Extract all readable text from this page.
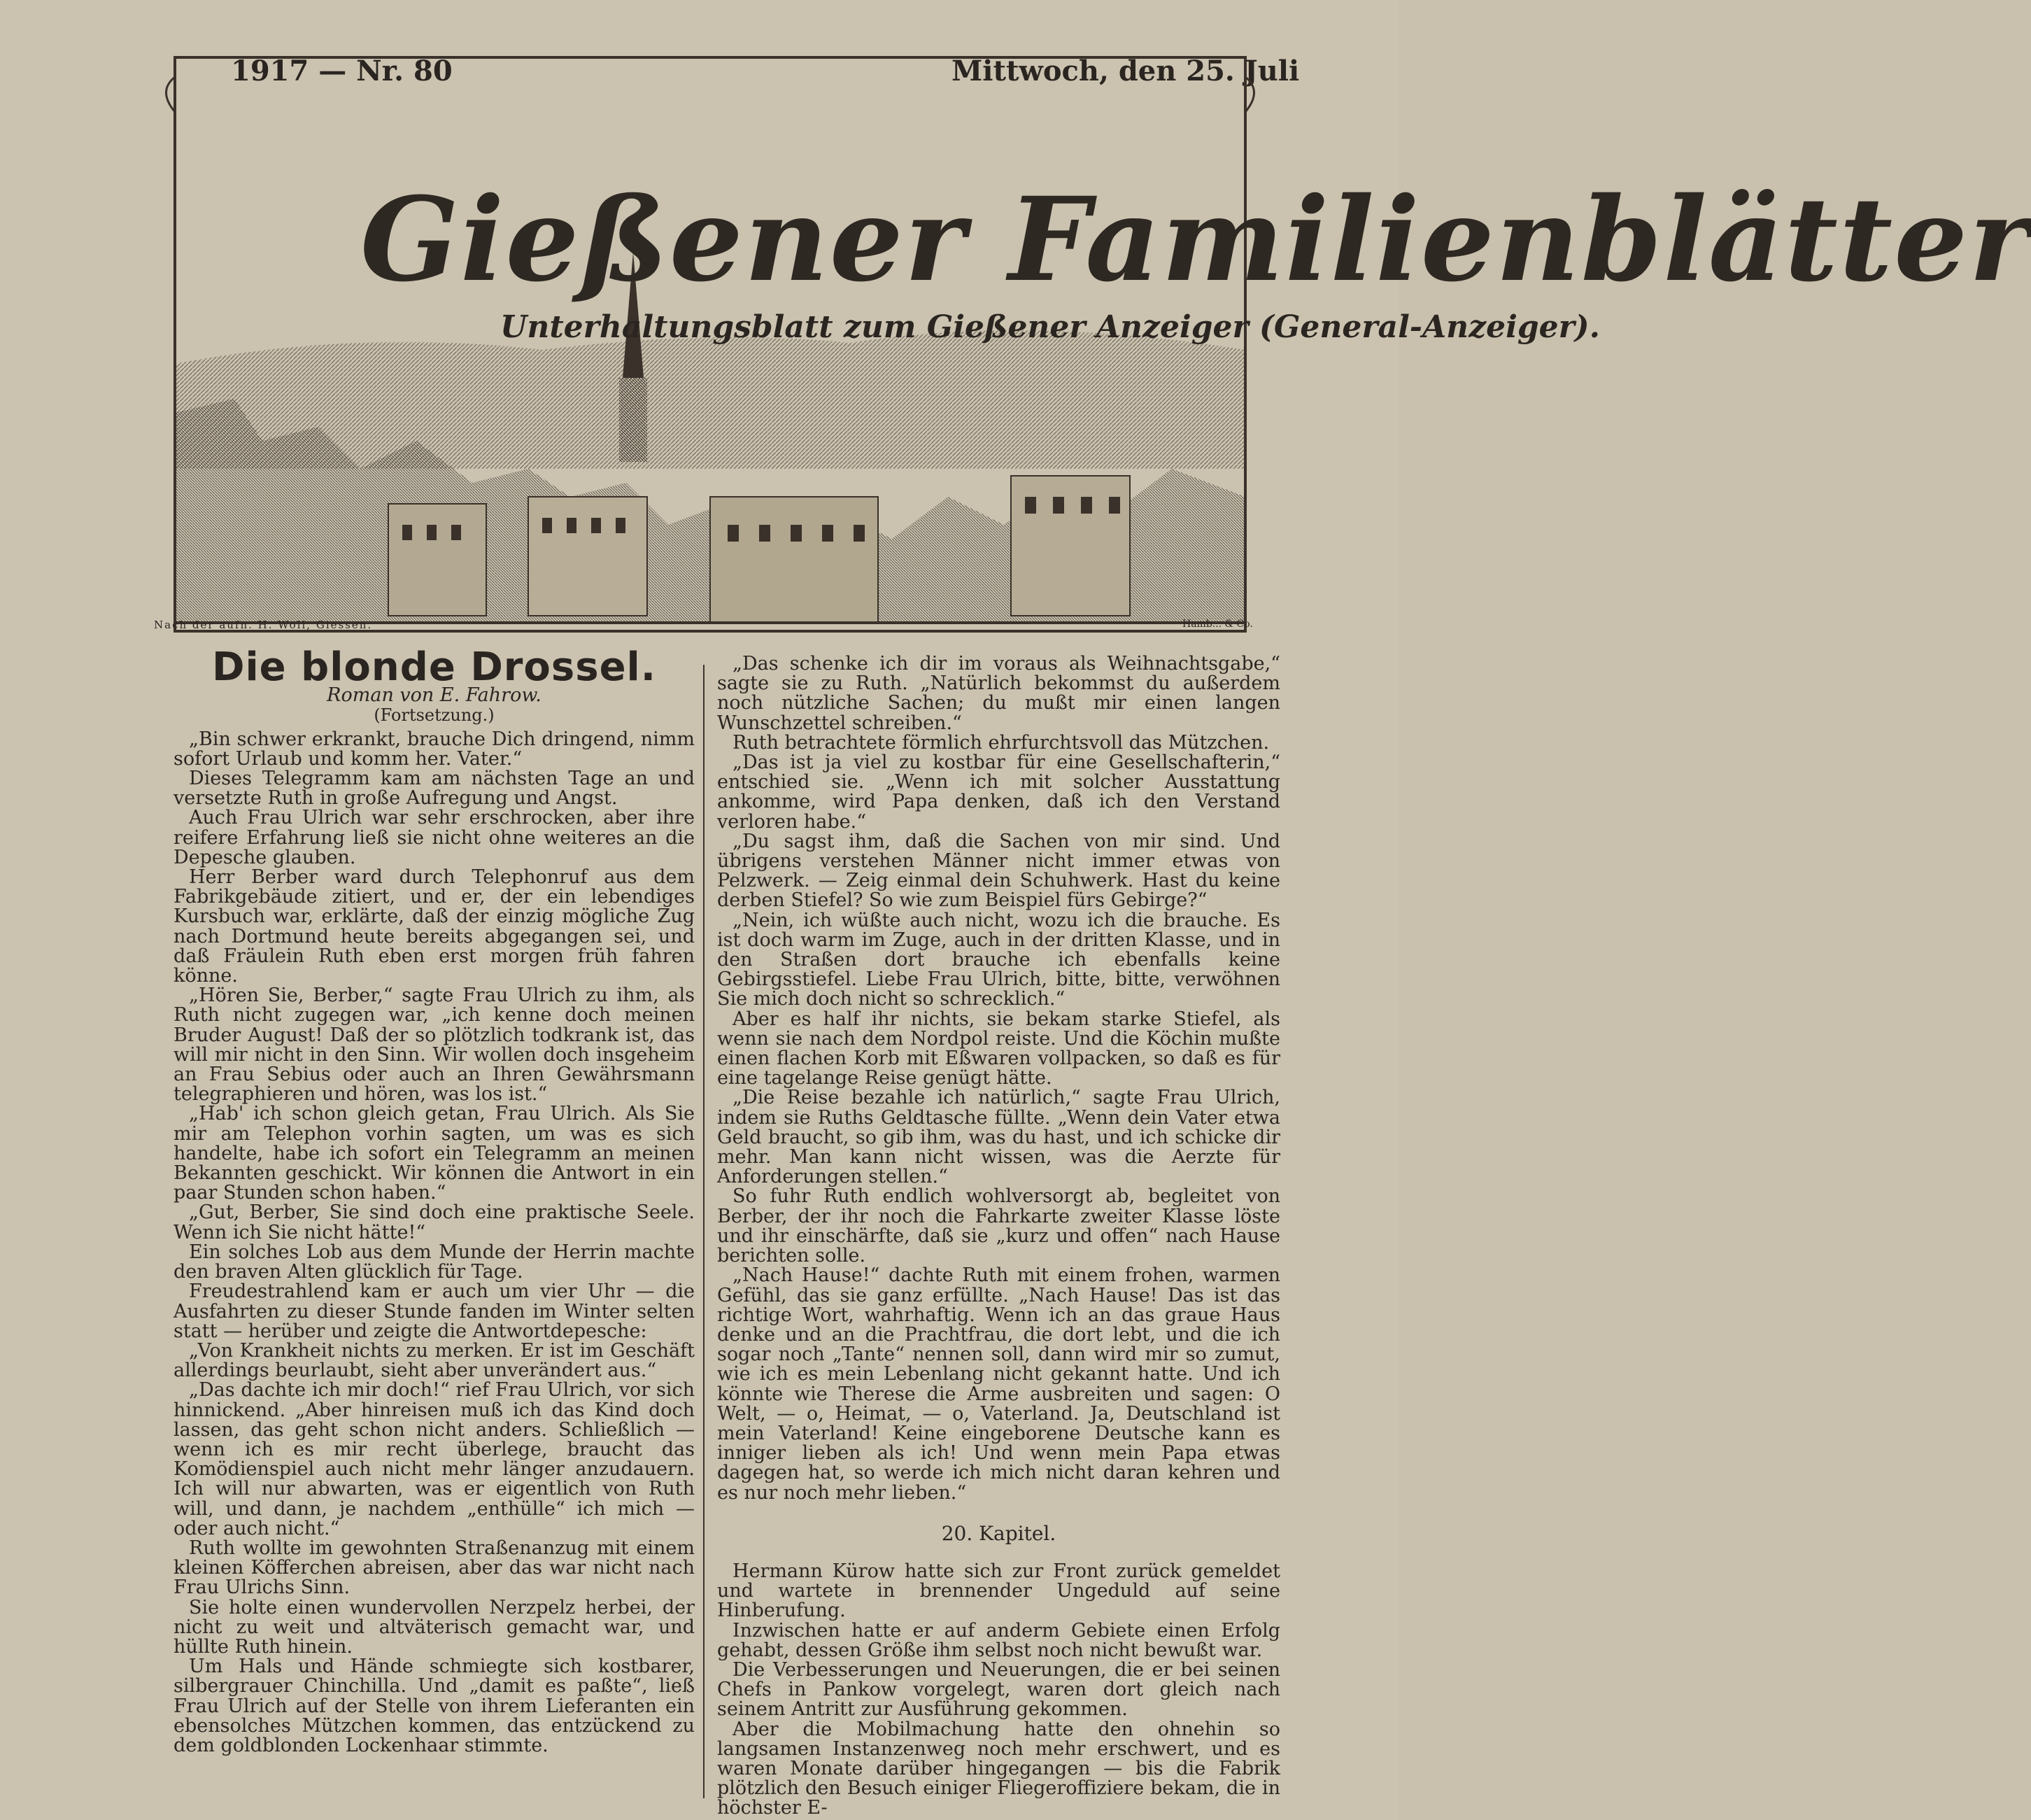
1917 — Nr. 80	Mittwoch, den 25. Juli
Gießener Familienblätter
Unterhaltungsblatt zum Gießener Anzeiger (General-Anzeiger).
Nach der aufn. H. Woll, Giessen.	Hamb... & Co.
Die blonde Drossel.
Roman von E. Fahrow.
(Fortsetzung.)

„Bin schwer erkrankt, brauche Dich dringend, nimm sofort Urlaub und komm her. Vater.“

Dieses Telegramm kam am nächsten Tage an und versetzte Ruth in große Aufregung und Angst.

Auch Frau Ulrich war sehr erschrocken, aber ihre reifere Erfahrung ließ sie nicht ohne weiteres an die Depesche glauben.

Herr Berber ward durch Telephonruf aus dem Fabrikgebäude zitiert, und er, der ein lebendiges Kursbuch war, erklärte, daß der einzig mögliche Zug nach Dortmund heute bereits abgegangen sei, und daß Fräulein Ruth eben erst morgen früh fahren könne.

„Hören Sie, Berber,“ sagte Frau Ulrich zu ihm, als Ruth nicht zugegen war, „ich kenne doch meinen Bruder August! Daß der so plötzlich todkrank ist, das will mir nicht in den Sinn. Wir wollen doch insgeheim an Frau Sebius oder auch an Ihren Gewährsmann telegraphieren und hören, was los ist.“

„Hab' ich schon gleich getan, Frau Ulrich. Als Sie mir am Telephon vorhin sagten, um was es sich handelte, habe ich sofort ein Telegramm an meinen Bekannten geschickt. Wir können die Antwort in ein paar Stunden schon haben.“

„Gut, Berber, Sie sind doch eine praktische Seele. Wenn ich Sie nicht hätte!“

Ein solches Lob aus dem Munde der Herrin machte den braven Alten glücklich für Tage.

Freudestrahlend kam er auch um vier Uhr — die Ausfahrten zu dieser Stunde fanden im Winter selten statt — herüber und zeigte die Antwortdepesche:

„Von Krankheit nichts zu merken. Er ist im Geschäft allerdings beurlaubt, sieht aber unverändert aus.“

„Das dachte ich mir doch!“ rief Frau Ulrich, vor sich hinnickend. „Aber hinreisen muß ich das Kind doch lassen, das geht schon nicht anders. Schließlich — wenn ich es mir recht überlege, braucht das Komödienspiel auch nicht mehr länger anzudauern. Ich will nur abwarten, was er eigentlich von Ruth will, und dann, je nachdem „enthülle“ ich mich — oder auch nicht.“

Ruth wollte im gewohnten Straßenanzug mit einem kleinen Köfferchen abreisen, aber das war nicht nach Frau Ulrichs Sinn.

Sie holte einen wundervollen Nerzpelz herbei, der nicht zu weit und altväterisch gemacht war, und hüllte Ruth hinein.

Um Hals und Hände schmiegte sich kostbarer, silbergrauer Chinchilla. Und „damit es paßte“, ließ Frau Ulrich auf der Stelle von ihrem Lieferanten ein ebensolches Mützchen kommen, das entzückend zu dem goldblonden Lockenhaar stimmte.

„Das schenke ich dir im voraus als Weihnachtsgabe,“ sagte sie zu Ruth. „Natürlich bekommst du außerdem noch nützliche Sachen; du mußt mir einen langen Wunschzettel schreiben.“

Ruth betrachtete förmlich ehrfurchtsvoll das Mützchen.

„Das ist ja viel zu kostbar für eine Gesellschafterin,“ entschied sie. „Wenn ich mit solcher Ausstattung ankomme, wird Papa denken, daß ich den Verstand verloren habe.“

„Du sagst ihm, daß die Sachen von mir sind. Und übrigens verstehen Männer nicht immer etwas von Pelzwerk. — Zeig einmal dein Schuhwerk. Hast du keine derben Stiefel? So wie zum Beispiel fürs Gebirge?“

„Nein, ich wüßte auch nicht, wozu ich die brauche. Es ist doch warm im Zuge, auch in der dritten Klasse, und in den Straßen dort brauche ich ebenfalls keine Gebirgsstiefel. Liebe Frau Ulrich, bitte, bitte, verwöhnen Sie mich doch nicht so schrecklich.“

Aber es half ihr nichts, sie bekam starke Stiefel, als wenn sie nach dem Nordpol reiste. Und die Köchin mußte einen flachen Korb mit Eßwaren vollpacken, so daß es für eine tagelange Reise genügt hätte.

„Die Reise bezahle ich natürlich,“ sagte Frau Ulrich, indem sie Ruths Geldtasche füllte. „Wenn dein Vater etwa Geld braucht, so gib ihm, was du hast, und ich schicke dir mehr. Man kann nicht wissen, was die Aerzte für Anforderungen stellen.“

So fuhr Ruth endlich wohlversorgt ab, begleitet von Berber, der ihr noch die Fahrkarte zweiter Klasse löste und ihr einschärfte, daß sie „kurz und offen“ nach Hause berichten solle.

„Nach Hause!“ dachte Ruth mit einem frohen, warmen Gefühl, das sie ganz erfüllte. „Nach Hause! Das ist das richtige Wort, wahrhaftig. Wenn ich an das graue Haus denke und an die Prachtfrau, die dort lebt, und die ich sogar noch „Tante“ nennen soll, dann wird mir so zumut, wie ich es mein Lebenlang nicht gekannt hatte. Und ich könnte wie Therese die Arme ausbreiten und sagen: O Welt, — o, Heimat, — o, Vaterland. Ja, Deutschland ist mein Vaterland! Keine eingeborene Deutsche kann es inniger lieben als ich! Und wenn mein Papa etwas dagegen hat, so werde ich mich nicht daran kehren und es nur noch mehr lieben.“

20. Kapitel.

Hermann Kürow hatte sich zur Front zurück gemeldet und wartete in brennender Ungeduld auf seine Hinberufung.

Inzwischen hatte er auf anderm Gebiete einen Erfolg gehabt, dessen Größe ihm selbst noch nicht bewußt war.

Die Verbesserungen und Neuerungen, die er bei seinen Chefs in Pankow vorgelegt, waren dort gleich nach seinem Antritt zur Ausführung gekommen.

Aber die Mobilmachung hatte den ohnehin so langsamen Instanzenweg noch mehr erschwert, und es waren Monate darüber hingegangen — bis die Fabrik plötzlich den Besuch einiger Fliegeroffiziere bekam, die in höchster E-
